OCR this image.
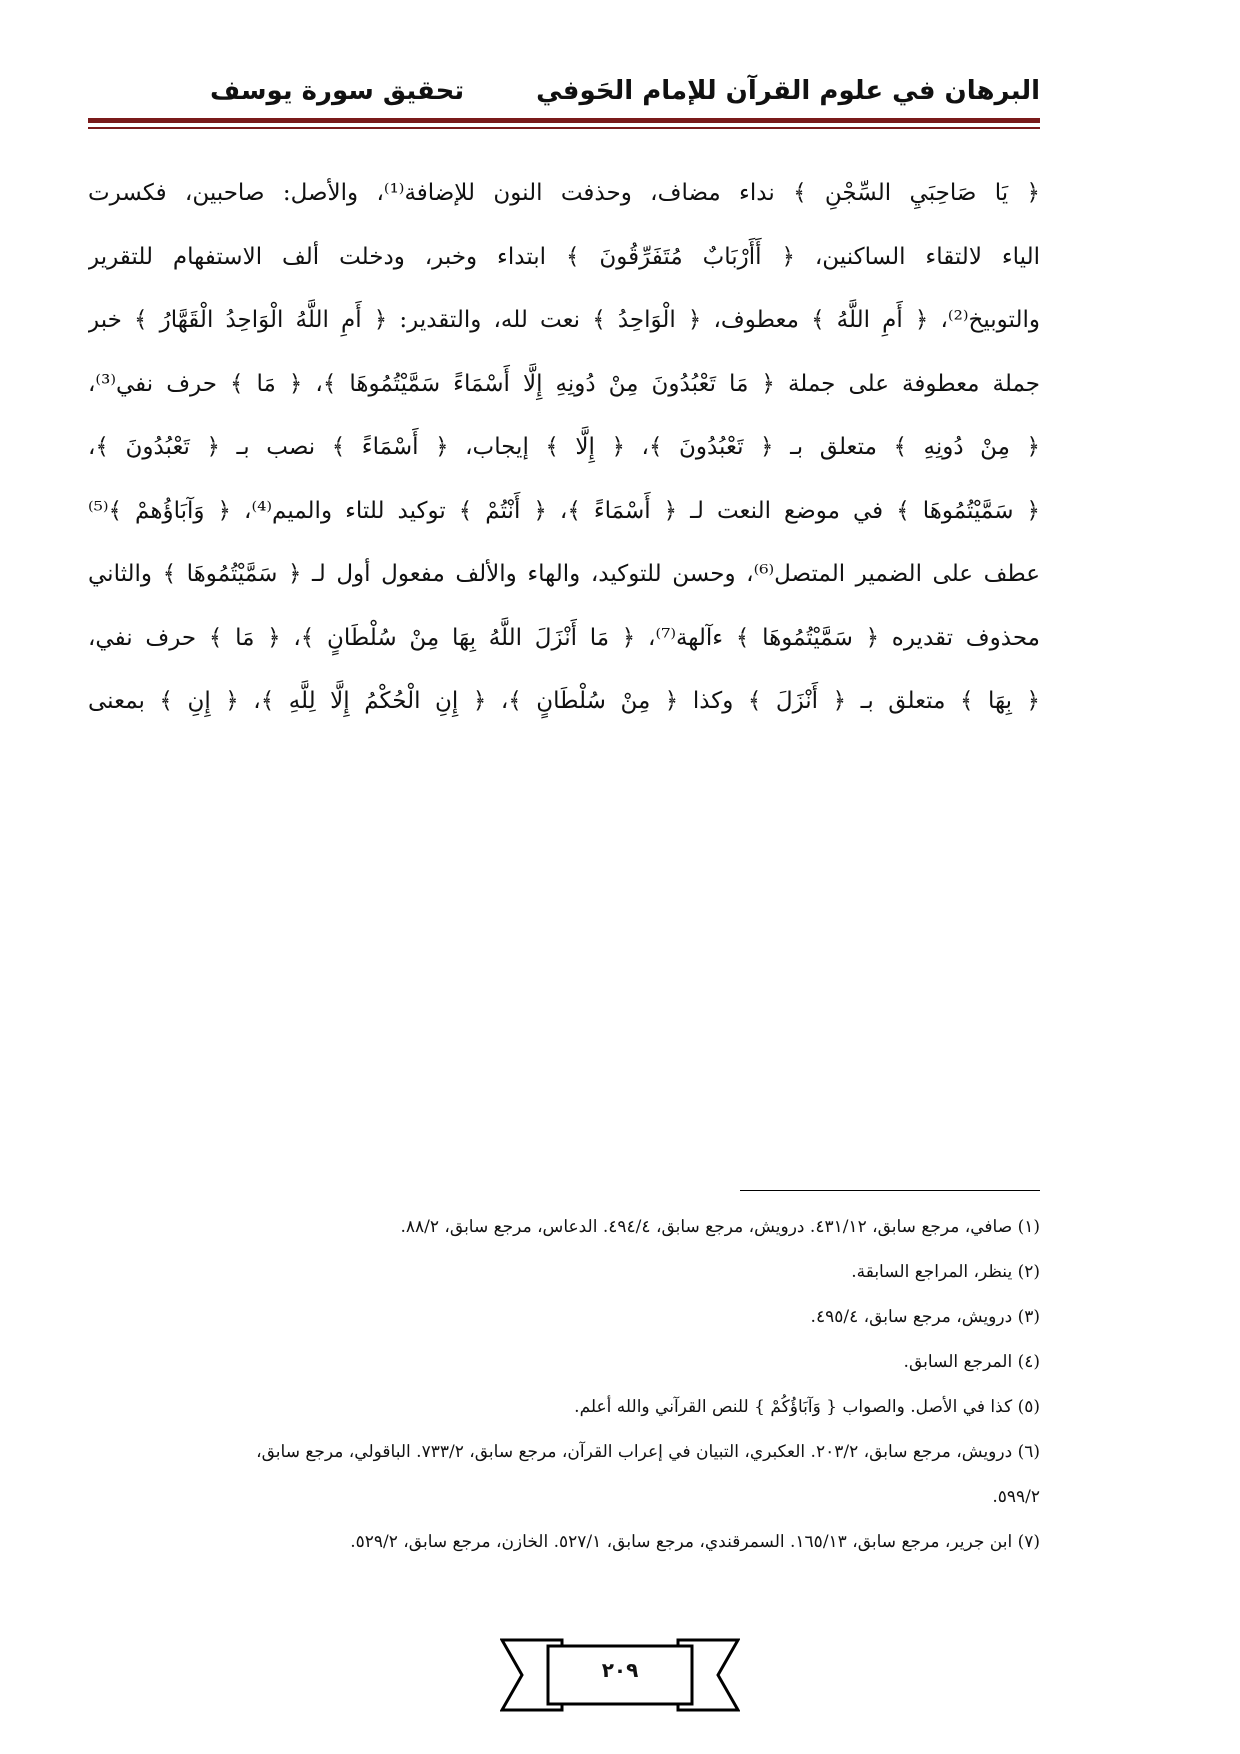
البرهان في علوم القرآن للإمام الحَوفي
تحقيق سورة يوسف
﴿ يَا صَاحِبَيِ السِّجْنِ ﴾ نداء مضاف، وحذفت النون للإضافة⁽¹⁾، والأصل: صاحبين، فكسرت
الياء لالتقاء الساكنين، ﴿ أَأَرْبَابٌ مُتَفَرِّقُونَ ﴾ ابتداء وخبر، ودخلت ألف الاستفهام للتقرير
والتوبيخ⁽²⁾، ﴿ أَمِ اللَّهُ ﴾ معطوف، ﴿ الْوَاحِدُ ﴾ نعت لله، والتقدير: ﴿ أَمِ اللَّهُ الْوَاحِدُ الْقَهَّارُ ﴾ خبر
جملة معطوفة على جملة ﴿ مَا تَعْبُدُونَ مِنْ دُونِهِ إِلَّا أَسْمَاءً سَمَّيْتُمُوهَا ﴾، ﴿ مَا ﴾ حرف نفي⁽³⁾،
﴿ مِنْ دُونِهِ ﴾ متعلق بـ ﴿ تَعْبُدُونَ ﴾، ﴿ إِلَّا ﴾ إيجاب، ﴿ أَسْمَاءً ﴾ نصب بـ ﴿ تَعْبُدُونَ ﴾،
﴿ سَمَّيْتُمُوهَا ﴾ في موضع النعت لـ ﴿ أَسْمَاءً ﴾، ﴿ أَنْتُمْ ﴾ توكيد للتاء والميم⁽⁴⁾، ﴿ وَآبَاؤُهمْ ﴾⁽⁵⁾
عطف على الضمير المتصل⁽⁶⁾، وحسن للتوكيد، والهاء والألف مفعول أول لـ ﴿ سَمَّيْتُمُوهَا ﴾ والثاني
محذوف تقديره ﴿ سَمَّيْتُمُوهَا ﴾ ءآلهة⁽⁷⁾، ﴿ مَا أَنْزَلَ اللَّهُ بِهَا مِنْ سُلْطَانٍ ﴾، ﴿ مَا ﴾ حرف نفي،
﴿ بِهَا ﴾ متعلق بـ ﴿ أَنْزَلَ ﴾ وكذا ﴿ مِنْ سُلْطَانٍ ﴾، ﴿ إِنِ الْحُكْمُ إِلَّا لِلَّهِ ﴾، ﴿ إِنِ ﴾ بمعنى
(١) صافي، مرجع سابق، ٤٣١/١٢. درويش، مرجع سابق، ٤٩٤/٤. الدعاس، مرجع سابق، ٨٨/٢.
(٢) ينظر، المراجع السابقة.
(٣) درويش، مرجع سابق، ٤٩٥/٤.
(٤) المرجع السابق.
(٥) كذا في الأصل. والصواب { وَآبَاؤُكُمْ } للنص القرآني والله أعلم.
(٦) درويش، مرجع سابق، ٢٠٣/٢. العكبري، التبيان في إعراب القرآن، مرجع سابق، ٧٣٣/٢. الباقولي، مرجع سابق،
٥٩٩/٢.
(٧) ابن جرير، مرجع سابق، ١٦٥/١٣. السمرقندي، مرجع سابق، ٥٢٧/١. الخازن، مرجع سابق، ٥٢٩/٢.
٢٠٩
